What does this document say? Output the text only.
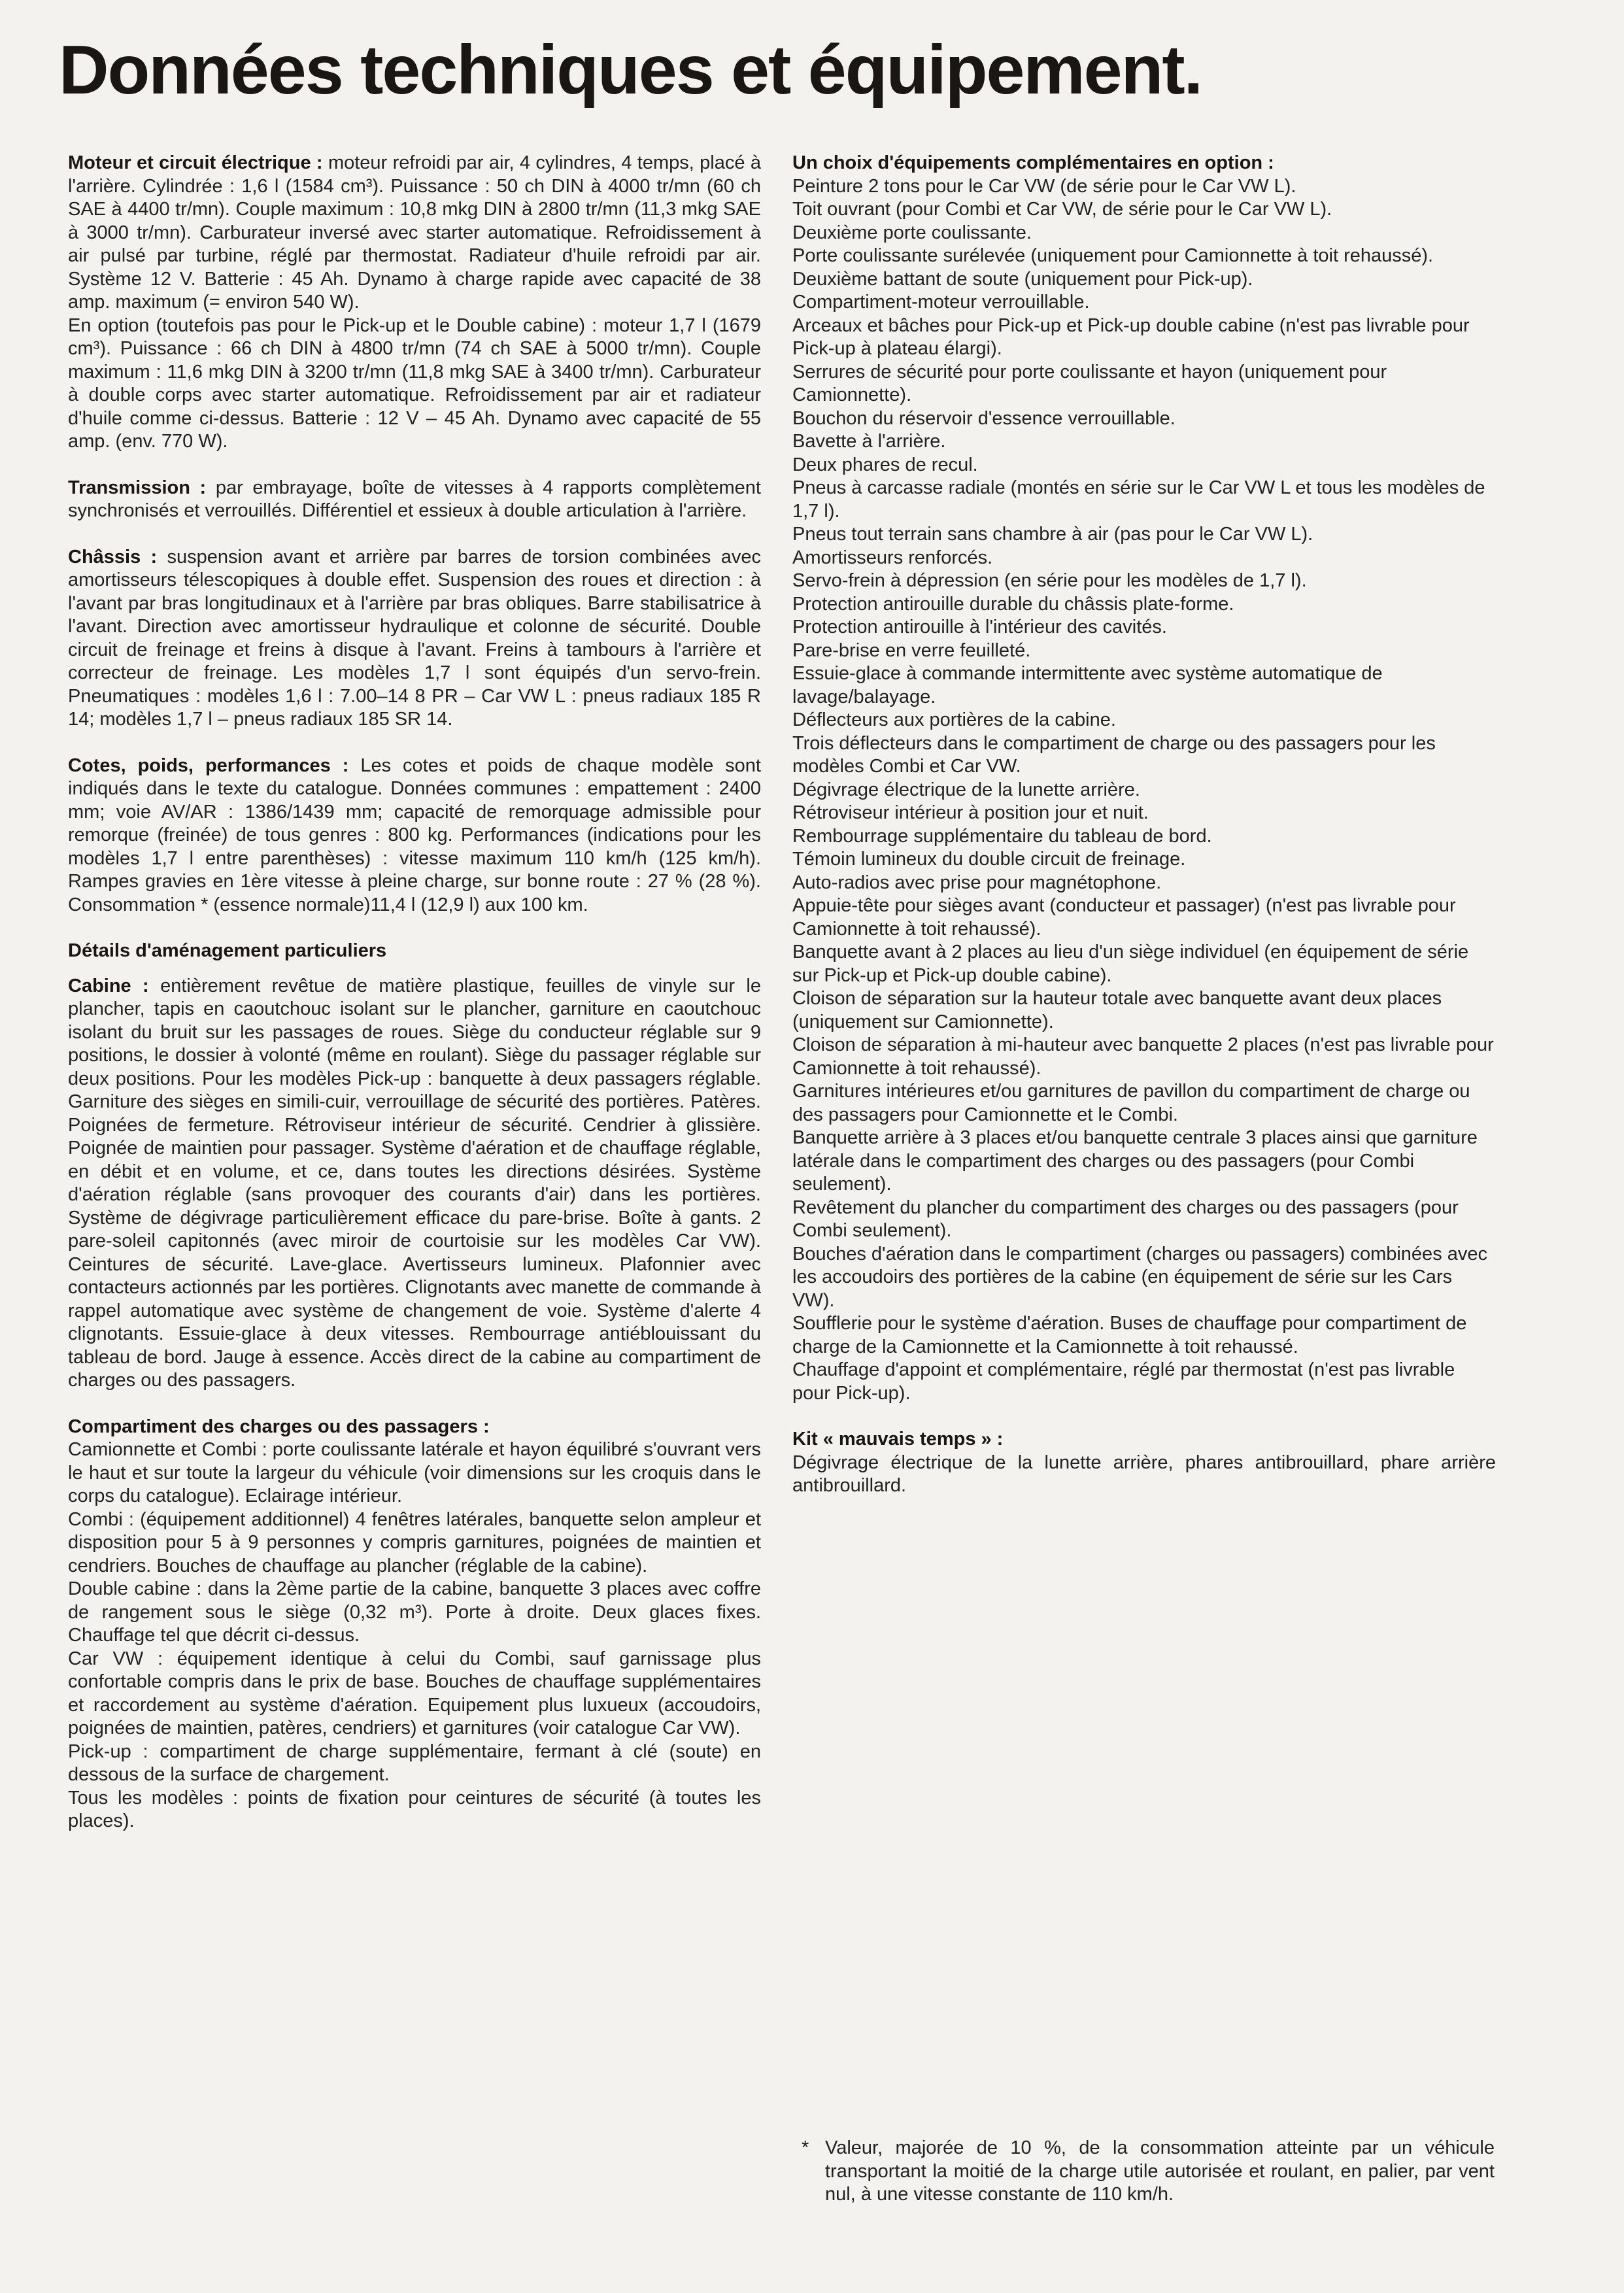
Données techniques et équipement.

Moteur et circuit électrique : moteur refroidi par air, 4 cylindres, 4 temps, placé à l'arrière. Cylindrée : 1,6 l (1584 cm³). Puissance : 50 ch DIN à 4000 tr/mn (60 ch SAE à 4400 tr/mn). Couple maximum : 10,8 mkg DIN à 2800 tr/mn (11,3 mkg SAE à 3000 tr/mn). Carburateur inversé avec starter automatique. Refroidissement à air pulsé par turbine, réglé par thermostat. Radiateur d'huile refroidi par air. Système 12 V. Batterie : 45 Ah. Dynamo à charge rapide avec capacité de 38 amp. maximum (= environ 540 W).

En option (toutefois pas pour le Pick-up et le Double cabine) : moteur 1,7 l (1679 cm³). Puissance : 66 ch DIN à 4800 tr/mn (74 ch SAE à 5000 tr/mn). Couple maximum : 11,6 mkg DIN à 3200 tr/mn (11,8 mkg SAE à 3400 tr/mn). Carburateur à double corps avec starter automatique. Refroidissement par air et radiateur d'huile comme ci-dessus. Batterie : 12 V – 45 Ah. Dynamo avec capacité de 55 amp. (env. 770 W).

Transmission : par embrayage, boîte de vitesses à 4 rapports complètement synchronisés et verrouillés. Différentiel et essieux à double articulation à l'arrière.

Châssis : suspension avant et arrière par barres de torsion combinées avec amortisseurs télescopiques à double effet. Suspension des roues et direction : à l'avant par bras longitudinaux et à l'arrière par bras obliques. Barre stabilisatrice à l'avant. Direction avec amortisseur hydraulique et colonne de sécurité. Double circuit de freinage et freins à disque à l'avant. Freins à tambours à l'arrière et correcteur de freinage. Les modèles 1,7 l sont équipés d'un servo-frein. Pneumatiques : modèles 1,6 l : 7.00–14 8 PR – Car VW L : pneus radiaux 185 R 14; modèles 1,7 l – pneus radiaux 185 SR 14.

Cotes, poids, performances : Les cotes et poids de chaque modèle sont indiqués dans le texte du catalogue. Données communes : empattement : 2400 mm; voie AV/AR : 1386/1439 mm; capacité de remorquage admissible pour remorque (freinée) de tous genres : 800 kg. Performances (indications pour les modèles 1,7 l entre parenthèses) : vitesse maximum 110 km/h (125 km/h). Rampes gravies en 1ère vitesse à pleine charge, sur bonne route : 27 % (28 %). Consommation * (essence normale)11,4 l (12,9 l) aux 100 km.

Détails d'aménagement particuliers

Cabine : entièrement revêtue de matière plastique, feuilles de vinyle sur le plancher, tapis en caoutchouc isolant sur le plancher, garniture en caoutchouc isolant du bruit sur les passages de roues. Siège du conducteur réglable sur 9 positions, le dossier à volonté (même en roulant). Siège du passager réglable sur deux positions. Pour les modèles Pick-up : banquette à deux passagers réglable. Garniture des sièges en simili-cuir, verrouillage de sécurité des portières. Patères. Poignées de fermeture. Rétroviseur intérieur de sécurité. Cendrier à glissière. Poignée de maintien pour passager. Système d'aération et de chauffage réglable, en débit et en volume, et ce, dans toutes les directions désirées. Système d'aération réglable (sans provoquer des courants d'air) dans les portières. Système de dégivrage particulièrement efficace du pare-brise. Boîte à gants. 2 pare-soleil capitonnés (avec miroir de courtoisie sur les modèles Car VW). Ceintures de sécurité. Lave-glace. Avertisseurs lumineux. Plafonnier avec contacteurs actionnés par les portières. Clignotants avec manette de commande à rappel automatique avec système de changement de voie. Système d'alerte 4 clignotants. Essuie-glace à deux vitesses. Rembourrage antiéblouissant du tableau de bord. Jauge à essence. Accès direct de la cabine au compartiment de charges ou des passagers.

Compartiment des charges ou des passagers :

Camionnette et Combi : porte coulissante latérale et hayon équilibré s'ouvrant vers le haut et sur toute la largeur du véhicule (voir dimensions sur les croquis dans le corps du catalogue). Eclairage intérieur.

Combi : (équipement additionnel) 4 fenêtres latérales, banquette selon ampleur et disposition pour 5 à 9 personnes y compris garnitures, poignées de maintien et cendriers. Bouches de chauffage au plancher (réglable de la cabine).

Double cabine : dans la 2ème partie de la cabine, banquette 3 places avec coffre de rangement sous le siège (0,32 m³). Porte à droite. Deux glaces fixes. Chauffage tel que décrit ci-dessus.

Car VW : équipement identique à celui du Combi, sauf garnissage plus confortable compris dans le prix de base. Bouches de chauffage supplémentaires et raccordement au système d'aération. Equipement plus luxueux (accoudoirs, poignées de maintien, patères, cendriers) et garnitures (voir catalogue Car VW).

Pick-up : compartiment de charge supplémentaire, fermant à clé (soute) en dessous de la surface de chargement.

Tous les modèles : points de fixation pour ceintures de sécurité (à toutes les places).

Un choix d'équipements complémentaires en option :

Peinture 2 tons pour le Car VW (de série pour le Car VW L).

Toit ouvrant (pour Combi et Car VW, de série pour le Car VW L).

Deuxième porte coulissante.

Porte coulissante surélevée (uniquement pour Camionnette à toit rehaussé).

Deuxième battant de soute (uniquement pour Pick-up).

Compartiment-moteur verrouillable.

Arceaux et bâches pour Pick-up et Pick-up double cabine (n'est pas livrable pour Pick-up à plateau élargi).

Serrures de sécurité pour porte coulissante et hayon (uniquement pour Camionnette).

Bouchon du réservoir d'essence verrouillable.

Bavette à l'arrière.

Deux phares de recul.

Pneus à carcasse radiale (montés en série sur le Car VW L et tous les modèles de 1,7 l).

Pneus tout terrain sans chambre à air (pas pour le Car VW L).

Amortisseurs renforcés.

Servo-frein à dépression (en série pour les modèles de 1,7 l).

Protection antirouille durable du châssis plate-forme.

Protection antirouille à l'intérieur des cavités.

Pare-brise en verre feuilleté.

Essuie-glace à commande intermittente avec système automatique de lavage/balayage.

Déflecteurs aux portières de la cabine.

Trois déflecteurs dans le compartiment de charge ou des passagers pour les modèles Combi et Car VW.

Dégivrage électrique de la lunette arrière.

Rétroviseur intérieur à position jour et nuit.

Rembourrage supplémentaire du tableau de bord.

Témoin lumineux du double circuit de freinage.

Auto-radios avec prise pour magnétophone.

Appuie-tête pour sièges avant (conducteur et passager) (n'est pas livrable pour Camionnette à toit rehaussé).

Banquette avant à 2 places au lieu d'un siège individuel (en équipement de série sur Pick-up et Pick-up double cabine).

Cloison de séparation sur la hauteur totale avec banquette avant deux places (uniquement sur Camionnette).

Cloison de séparation à mi-hauteur avec banquette 2 places (n'est pas livrable pour Camionnette à toit rehaussé).

Garnitures intérieures et/ou garnitures de pavillon du compartiment de charge ou des passagers pour Camionnette et le Combi.

Banquette arrière à 3 places et/ou banquette centrale 3 places ainsi que garniture latérale dans le compartiment des charges ou des passagers (pour Combi seulement).

Revêtement du plancher du compartiment des charges ou des passagers (pour Combi seulement).

Bouches d'aération dans le compartiment (charges ou passagers) combinées avec les accoudoirs des portières de la cabine (en équipement de série sur les Cars VW).

Soufflerie pour le système d'aération. Buses de chauffage pour compartiment de charge de la Camionnette et la Camionnette à toit rehaussé.

Chauffage d'appoint et complémentaire, réglé par thermostat (n'est pas livrable pour Pick-up).

Kit « mauvais temps » :

Dégivrage électrique de la lunette arrière, phares antibrouillard, phare arrière antibrouillard.

* Valeur, majorée de 10 %, de la consommation atteinte par un véhicule transportant la moitié de la charge utile autorisée et roulant, en palier, par vent nul, à une vitesse constante de 110 km/h.
